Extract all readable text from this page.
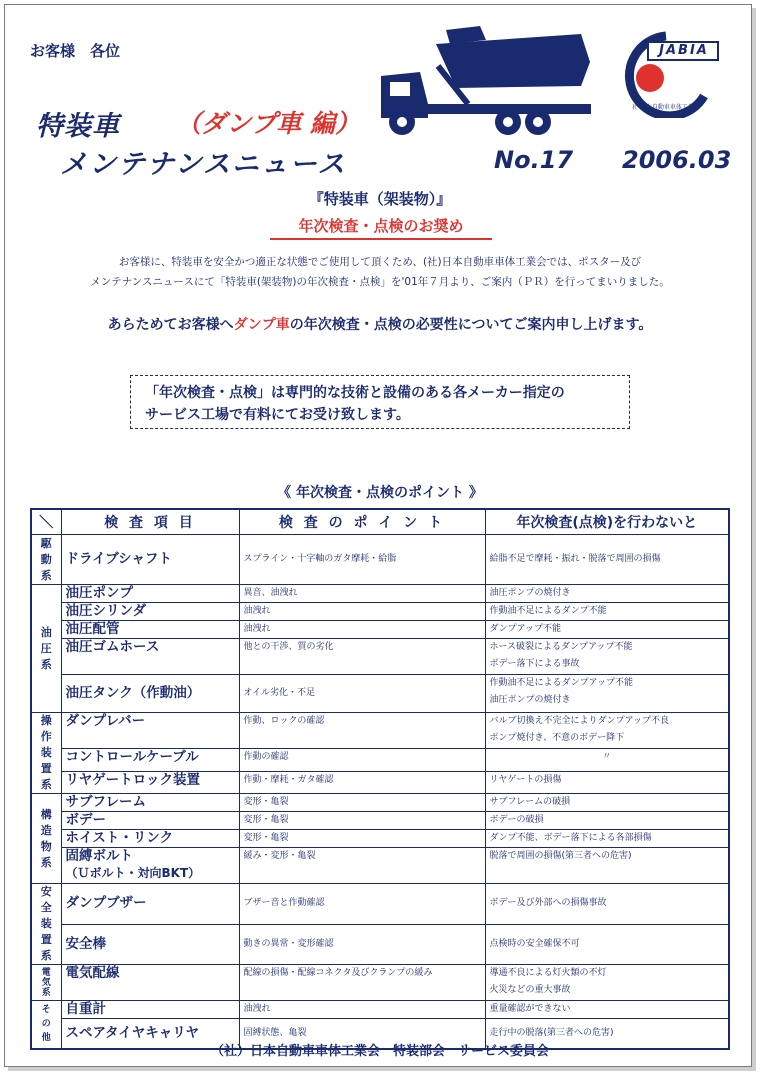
お客様　各位	JABIA
社 日本自動車車体工業会
特装車 （ダンプ車 編）
メンテナンスニュース	No.17 2006.03
『特装車（架装物）』
年次検査・点検のお奨め
お客様に、特装車を安全かつ適正な状態でご使用して頂くため、(社)日本自動車車体工業会では、ポスター及び
メンテナンスニュースにて「特装車(架装物)の年次検査・点検」を'01年７月より、ご案内（ＰＲ）を行ってまいりました。
あらためてお客様へダンプ車の年次検査・点検の必要性についてご案内申し上げます。
「年次検査・点検」は専門的な技術と設備のある各メーカー指定の
サービス工場で有料にてお受け致します。
《 年次検査・点検のポイント 》
＼	検 査 項 目	検 査 の ポ イ ン ト	年次検査(点検)を行わないと
駆動系	ドライブシャフト	スプライン・十字軸のガタ摩耗・給脂	給脂不足で摩耗・振れ・脱落で周囲の損傷
油圧系	油圧ポンプ	異音、油洩れ	油圧ポンプの焼付き
	油圧シリンダ	油洩れ	作動油不足によるダンプ不能
	油圧配管	油洩れ	ダンプアップ不能
	油圧ゴムホース	他との干渉、質の劣化	ホース破裂によるダンプアップ不能
ボデー落下による事故

	油圧タンク（作動油）	オイル劣化・不足	作動油不足によるダンプアップ不能
油圧ポンプの焼付き

操作装置系	ダンプレバー	作動、ロックの確認	バルブ切換え不完全によりダンプアップ不良
ポンプ焼付き、不意のボデー降下

	コントロールケーブル	作動の確認	〃
	リヤゲートロック装置	作動・摩耗・ガタ確認	リヤゲートの損傷
構造物系	サブフレーム	変形・亀裂	サブフレームの破損
	ボデー	変形・亀裂	ボデーの破損
	ホイスト・リンク	変形・亀裂	ダンプ不能、ボデー落下による各部損傷

	固縛ボルト
（Ｕボルト・対向BKT）	緩み・変形・亀裂	脱落で周囲の損傷(第三者への危害)
安全装置系	ダンプブザー	ブザー音と作動確認	ボデー及び外部への損傷事故
	安全棒	動きの異常・変形確認	点検時の安全確保不可
電気系	電気配線	配線の損傷・配線コネクタ及びクランプの緩み	導通不良による灯火類の不灯
火災などの重大事故

その他	自重計	油洩れ	重量確認ができない
	スペアタイヤキャリヤ	固縛状態、亀裂	走行中の脱落(第三者への危害)
（社）日本自動車車体工業会　特装部会　サービス委員会
